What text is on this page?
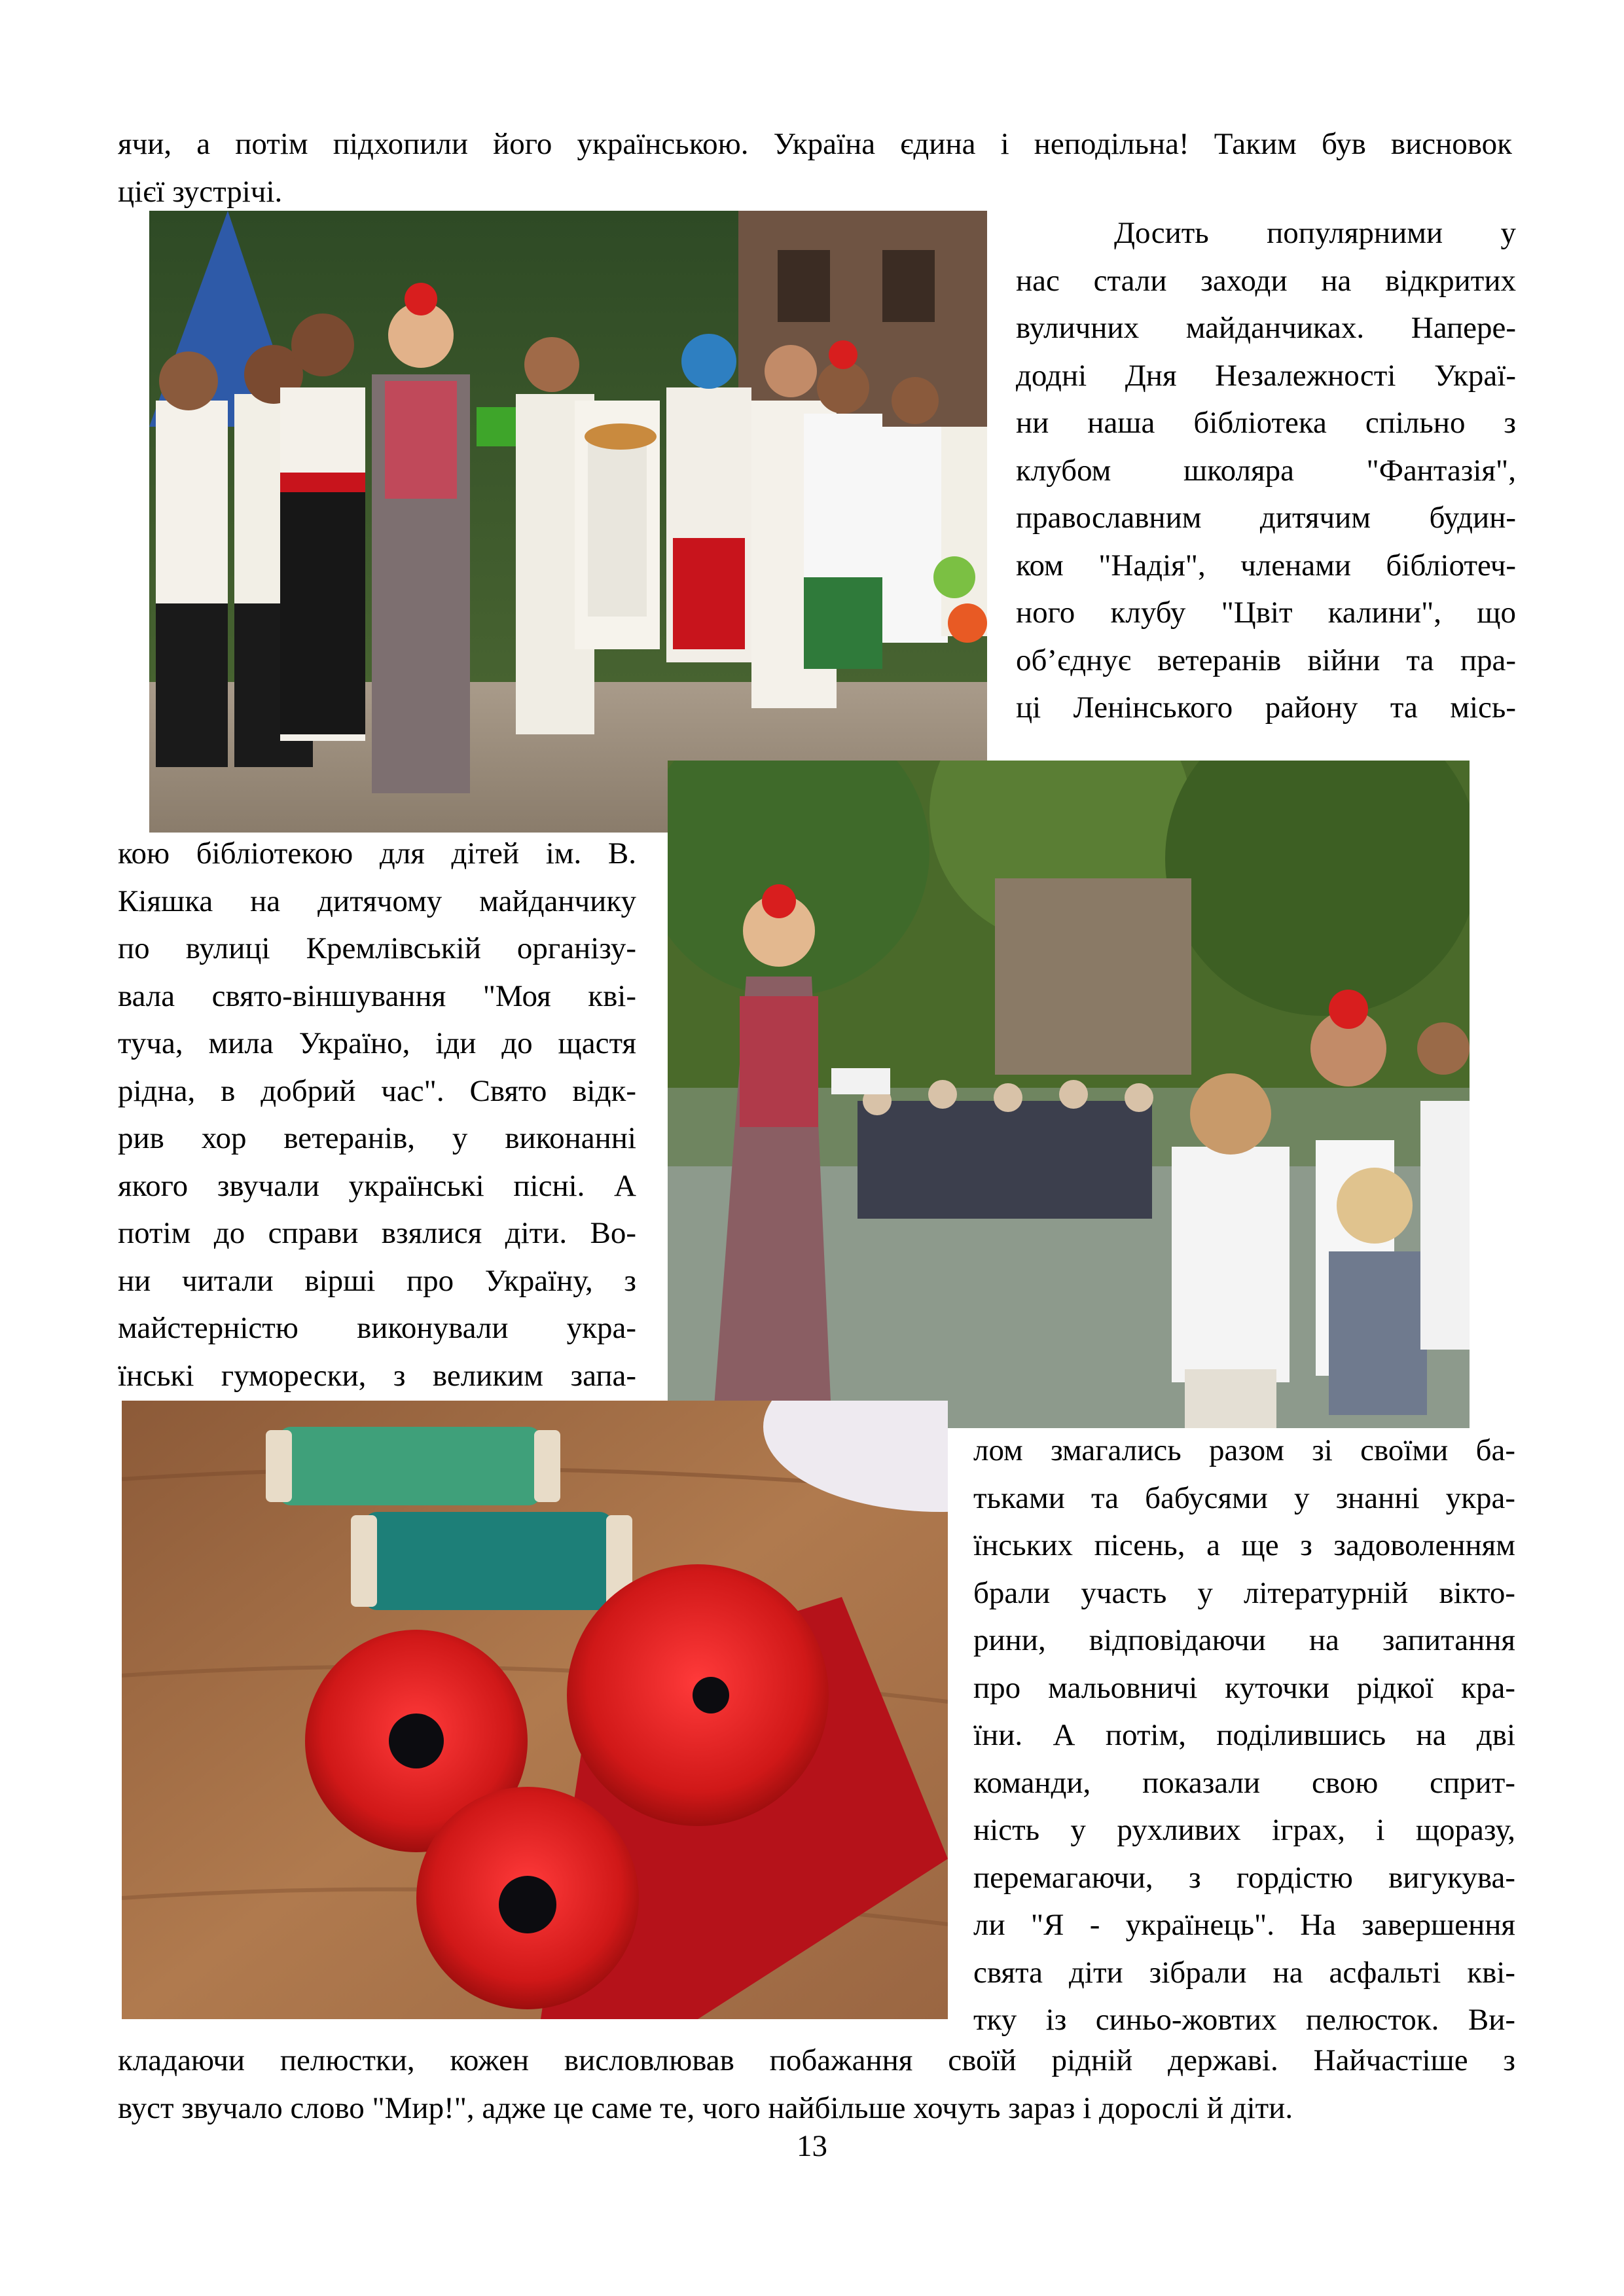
ячи, а потім підхопили його українською. Україна єдина і неподільна! Таким був висновок
цієї зустрічі.
Досить популярними у
нас стали заходи на відкритих
вуличних майданчиках. Напере-
додні Дня Незалежності Украї-
ни наша бібліотека спільно з
клубом школяра "Фантазія",
православним дитячим будин-
ком "Надія", членами бібліотеч-
ного клубу "Цвіт калини", що
об’єднує ветеранів війни та пра-
ці Ленінського району та місь-
кою бібліотекою для дітей ім. В.
Кіяшка на дитячому майданчику
по вулиці Кремлівській організу-
вала свято-віншування "Моя кві-
туча, мила Україно, іди до щастя
рідна, в добрий час". Свято відк-
рив хор ветеранів, у виконанні
якого звучали українські пісні. А
потім до справи взялися діти. Во-
ни читали вірші про Україну, з
майстерністю виконували укра-
їнські гуморески, з великим запа-
лом змагались разом зі своїми ба-
тьками та бабусями у знанні укра-
їнських пісень, а ще з задоволенням
брали участь у літературній вікто-
рини, відповідаючи на запитання
про мальовничі куточки рідкої кра-
їни. А потім, поділившись на дві
команди, показали свою сприт-
ність у рухливих іграх, і щоразу,
перемагаючи, з гордістю вигукува-
ли "Я - українець". На завершення
свята діти зібрали на асфальті кві-
тку із синьо-жовтих пелюсток. Ви-
кладаючи пелюстки, кожен висловлював побажання своїй рідній державі. Найчастіше з
вуст звучало слово "Мир!", адже це саме те, чого найбільше хочуть зараз і дорослі й діти.
13
